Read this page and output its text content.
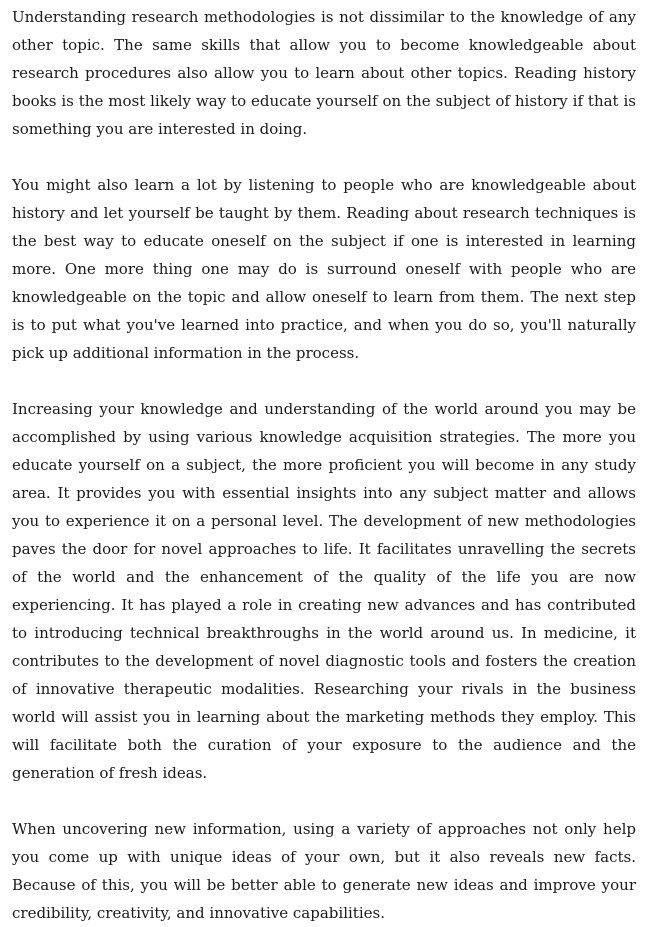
Understanding research methodologies is not dissimilar to the knowledge of any other topic. The same skills that allow you to become knowledgeable about research procedures also allow you to learn about other topics. Reading history books is the most likely way to educate yourself on the subject of history if that is something you are interested in doing.

You might also learn a lot by listening to people who are knowledgeable about history and let yourself be taught by them. Reading about research techniques is the best way to educate oneself on the subject if one is interested in learning more. One more thing one may do is surround oneself with people who are knowledgeable on the topic and allow oneself to learn from them. The next step is to put what you've learned into practice, and when you do so, you'll naturally pick up additional information in the process.

Increasing your knowledge and understanding of the world around you may be accomplished by using various knowledge acquisition strategies. The more you educate yourself on a subject, the more proficient you will become in any study area. It provides you with essential insights into any subject matter and allows you to experience it on a personal level. The development of new methodologies paves the door for novel approaches to life. It facilitates unravelling the secrets of the world and the enhancement of the quality of the life you are now experiencing. It has played a role in creating new advances and has contributed to introducing technical breakthroughs in the world around us. In medicine, it contributes to the development of novel diagnostic tools and fosters the creation of innovative therapeutic modalities. Researching your rivals in the business world will assist you in learning about the marketing methods they employ. This will facilitate both the curation of your exposure to the audience and the generation of fresh ideas.

When uncovering new information, using a variety of approaches not only help you come up with unique ideas of your own, but it also reveals new facts. Because of this, you will be better able to generate new ideas and improve your credibility, creativity, and innovative capabilities.
